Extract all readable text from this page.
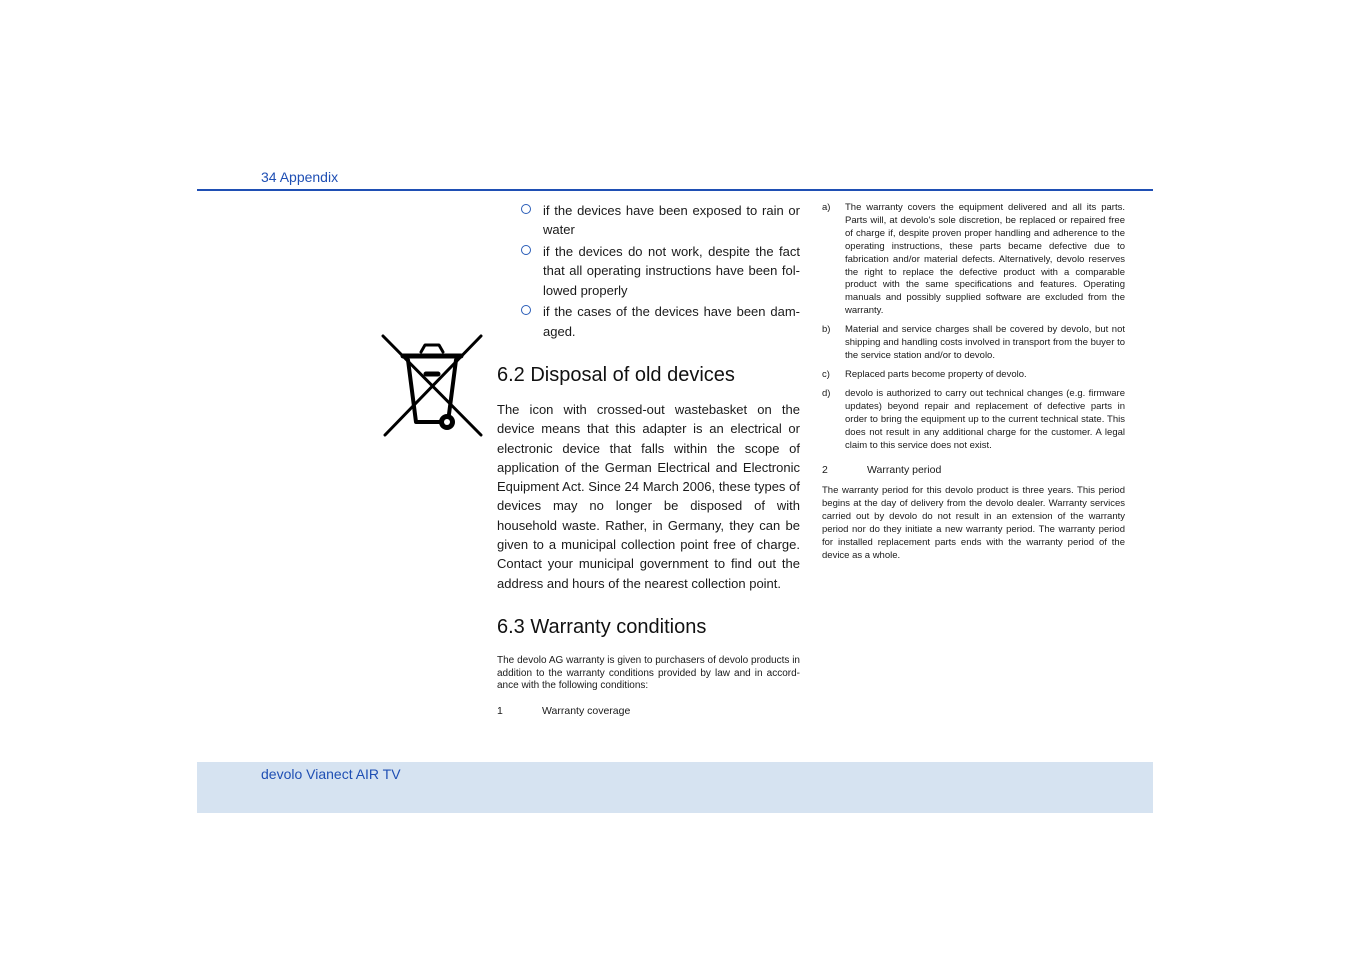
34 Appendix
if the devices have been exposed to rain or water
if the devices do not work, despite the fact that all operating instructions have been followed properly
if the cases of the devices have been damaged.
6.2 Disposal of old devices

The icon with crossed-out wastebasket on the device means that this adapter is an electrical or electronic device that falls within the scope of application of the German Electrical and Electronic Equipment Act. Since 24 March 2006, these types of devices may no longer be disposed of with household waste. Rather, in Germany, they can be given to a municipal collection point free of charge. Contact your municipal government to find out the address and hours of the nearest collection point.

6.3 Warranty conditions

The devolo AG warranty is given to purchasers of devolo products in addition to the warranty conditions provided by law and in accordance with the following conditions:

1	Warranty coverage
a) The warranty covers the equipment delivered and all its parts. Parts will, at devolo's sole discretion, be replaced or repaired free of charge if, despite proven proper handling and adherence to the operating instructions, these parts became defective due to fabrication and/or material defects. Alternatively, devolo reserves the right to replace the defective product with a comparable product with the same specifications and features. Operating manuals and possibly supplied software are excluded from the warranty.
b) Material and service charges shall be covered by devolo, but not shipping and handling costs involved in transport from the buyer to the service station and/or to devolo.
c) Replaced parts become property of devolo.
d) devolo is authorized to carry out technical changes (e.g. firmware updates) beyond repair and replacement of defective parts in order to bring the equipment up to the current technical state. This does not result in any additional charge for the customer. A legal claim to this service does not exist.
2	Warranty period

The warranty period for this devolo product is three years. This period begins at the day of delivery from the devolo dealer. Warranty services carried out by devolo do not result in an extension of the warranty period nor do they initiate a new warranty period. The warranty period for installed replacement parts ends with the warranty period of the device as a whole.

devolo Vianect AIR TV
